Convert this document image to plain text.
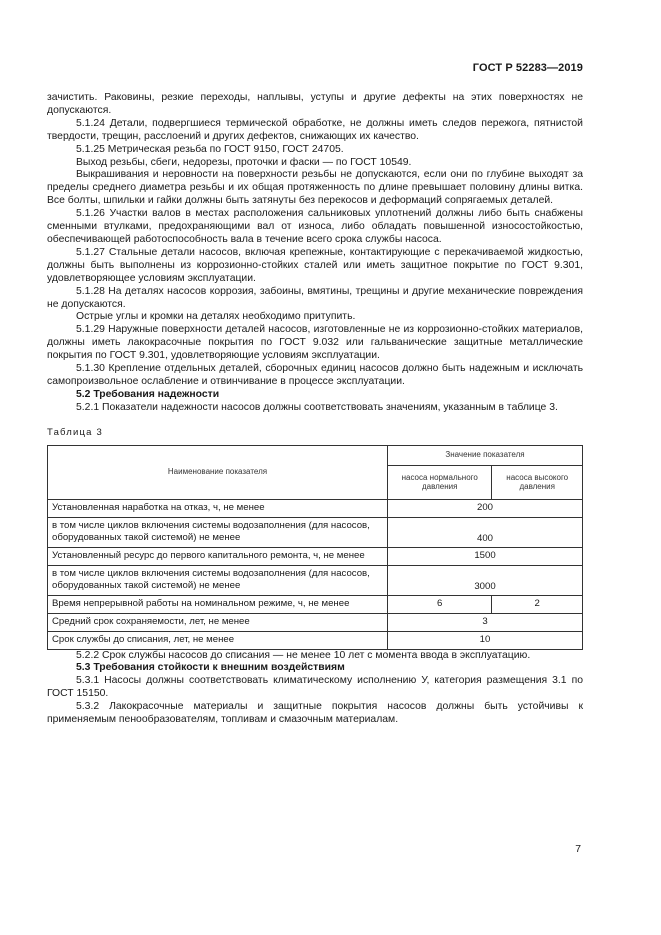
ГОСТ Р 52283—2019

зачистить. Раковины, резкие переходы, наплывы, уступы и другие дефекты на этих поверхностях не допускаются.

5.1.24 Детали, подвергшиеся термической обработке, не должны иметь следов пережога, пятнистой твердости, трещин, расслоений и других дефектов, снижающих их качество.

5.1.25 Метрическая резьба по ГОСТ 9150, ГОСТ 24705.

Выход резьбы, сбеги, недорезы, проточки и фаски — по ГОСТ 10549.

Выкрашивания и неровности на поверхности резьбы не допускаются, если они по глубине выходят за пределы среднего диаметра резьбы и их общая протяженность по длине превышает половину длины витка. Все болты, шпильки и гайки должны быть затянуты без перекосов и деформаций сопрягаемых деталей.

5.1.26 Участки валов в местах расположения сальниковых уплотнений должны либо быть снабжены сменными втулками, предохраняющими вал от износа, либо обладать повышенной износостойкостью, обеспечивающей работоспособность вала в течение всего срока службы насоса.

5.1.27 Стальные детали насосов, включая крепежные, контактирующие с перекачиваемой жидкостью, должны быть выполнены из коррозионно-стойких сталей или иметь защитное покрытие по ГОСТ 9.301, удовлетворяющее условиям эксплуатации.

5.1.28 На деталях насосов коррозия, забоины, вмятины, трещины и другие механические повреждения не допускаются.

Острые углы и кромки на деталях необходимо притупить.

5.1.29 Наружные поверхности деталей насосов, изготовленные не из коррозионно-стойких материалов, должны иметь лакокрасочные покрытия по ГОСТ 9.032 или гальванические защитные металлические покрытия по ГОСТ 9.301, удовлетворяющие условиям эксплуатации.

5.1.30 Крепление отдельных деталей, сборочных единиц насосов должно быть надежным и исключать самопроизвольное ослабление и отвинчивание в процессе эксплуатации.

5.2 Требования надежности

5.2.1 Показатели надежности насосов должны соответствовать значениям, указанным в таблице 3.

Таблица 3
Наименование показателя	Значение показателя	
	насоса нормального давления	насоса высокого давления
Установленная наработка на отказ, ч, не менее	200	
в том числе циклов включения системы водозаполнения (для насосов, оборудованных такой системой) не менее	400	
Установленный ресурс до первого капитального ремонта, ч, не менее	1500	
в том числе циклов включения системы водозаполнения (для насосов, оборудованных такой системой) не менее	3000	
Время непрерывной работы на номинальном режиме, ч, не менее	6	2
Средний срок сохраняемости, лет, не менее	3	
Срок службы до списания, лет, не менее	10	

5.2.2 Срок службы насосов до списания — не менее 10 лет с момента ввода в эксплуатацию.

5.3 Требования стойкости к внешним воздействиям

5.3.1 Насосы должны соответствовать климатическому исполнению У, категория размещения 3.1 по ГОСТ 15150.

5.3.2 Лакокрасочные материалы и защитные покрытия насосов должны быть устойчивы к применяемым пенообразователям, топливам и смазочным материалам.

7
